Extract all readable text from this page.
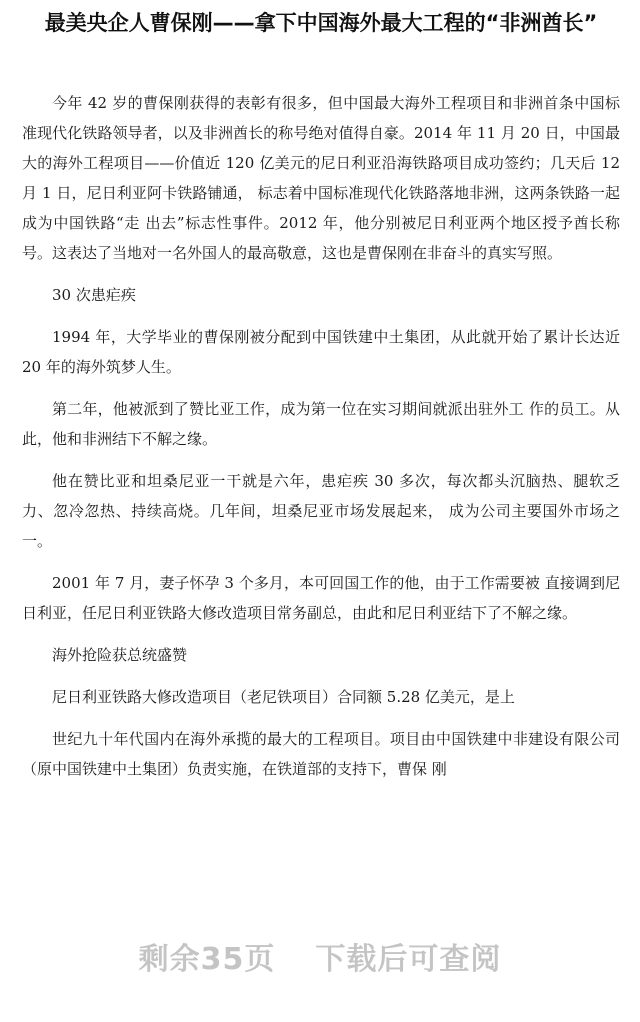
最美央企人曹保刚——拿下中国海外最大工程的“非洲酋长”

今年 42 岁的曹保刚获得的表彰有很多，但中国最大海外工程项目和非洲首条中国标准现代化铁路领导者，以及非洲酋长的称号绝对值得自豪。2014 年 11 月 20 日，中国最大的海外工程项目——价值近 120 亿美元的尼日利亚沿海铁路项目成功签约；几天后 12 月 1 日，尼日利亚阿卡铁路铺通， 标志着中国标准现代化铁路落地非洲，这两条铁路一起成为中国铁路“走 出去”标志性事件。2012 年，他分别被尼日利亚两个地区授予酋长称号。这表达了当地对一名外国人的最高敬意，这也是曹保刚在非奋斗的真实写照。

30 次患疟疾

1994 年，大学毕业的曹保刚被分配到中国铁建中土集团，从此就开始了累计长达近 20 年的海外筑梦人生。

第二年，他被派到了赞比亚工作，成为第一位在实习期间就派出驻外工 作的员工。从此，他和非洲结下不解之缘。

他在赞比亚和坦桑尼亚一干就是六年，患疟疾 30 多次，每次都头沉脑热、腿软乏力、忽冷忽热、持续高烧。几年间，坦桑尼亚市场发展起来， 成为公司主要国外市场之一。

2001 年 7 月，妻子怀孕 3 个多月，本可回国工作的他，由于工作需要被 直接调到尼日利亚，任尼日利亚铁路大修改造项目常务副总，由此和尼日利亚结下了不解之缘。

海外抢险获总统盛赞

尼日利亚铁路大修改造项目（老尼铁项目）合同额 5.28 亿美元，是上

世纪九十年代国内在海外承揽的最大的工程项目。项目由中国铁建中非建设有限公司（原中国铁建中土集团）负责实施，在铁道部的支持下，曹保 刚

剩余35页 下载后可查阅
